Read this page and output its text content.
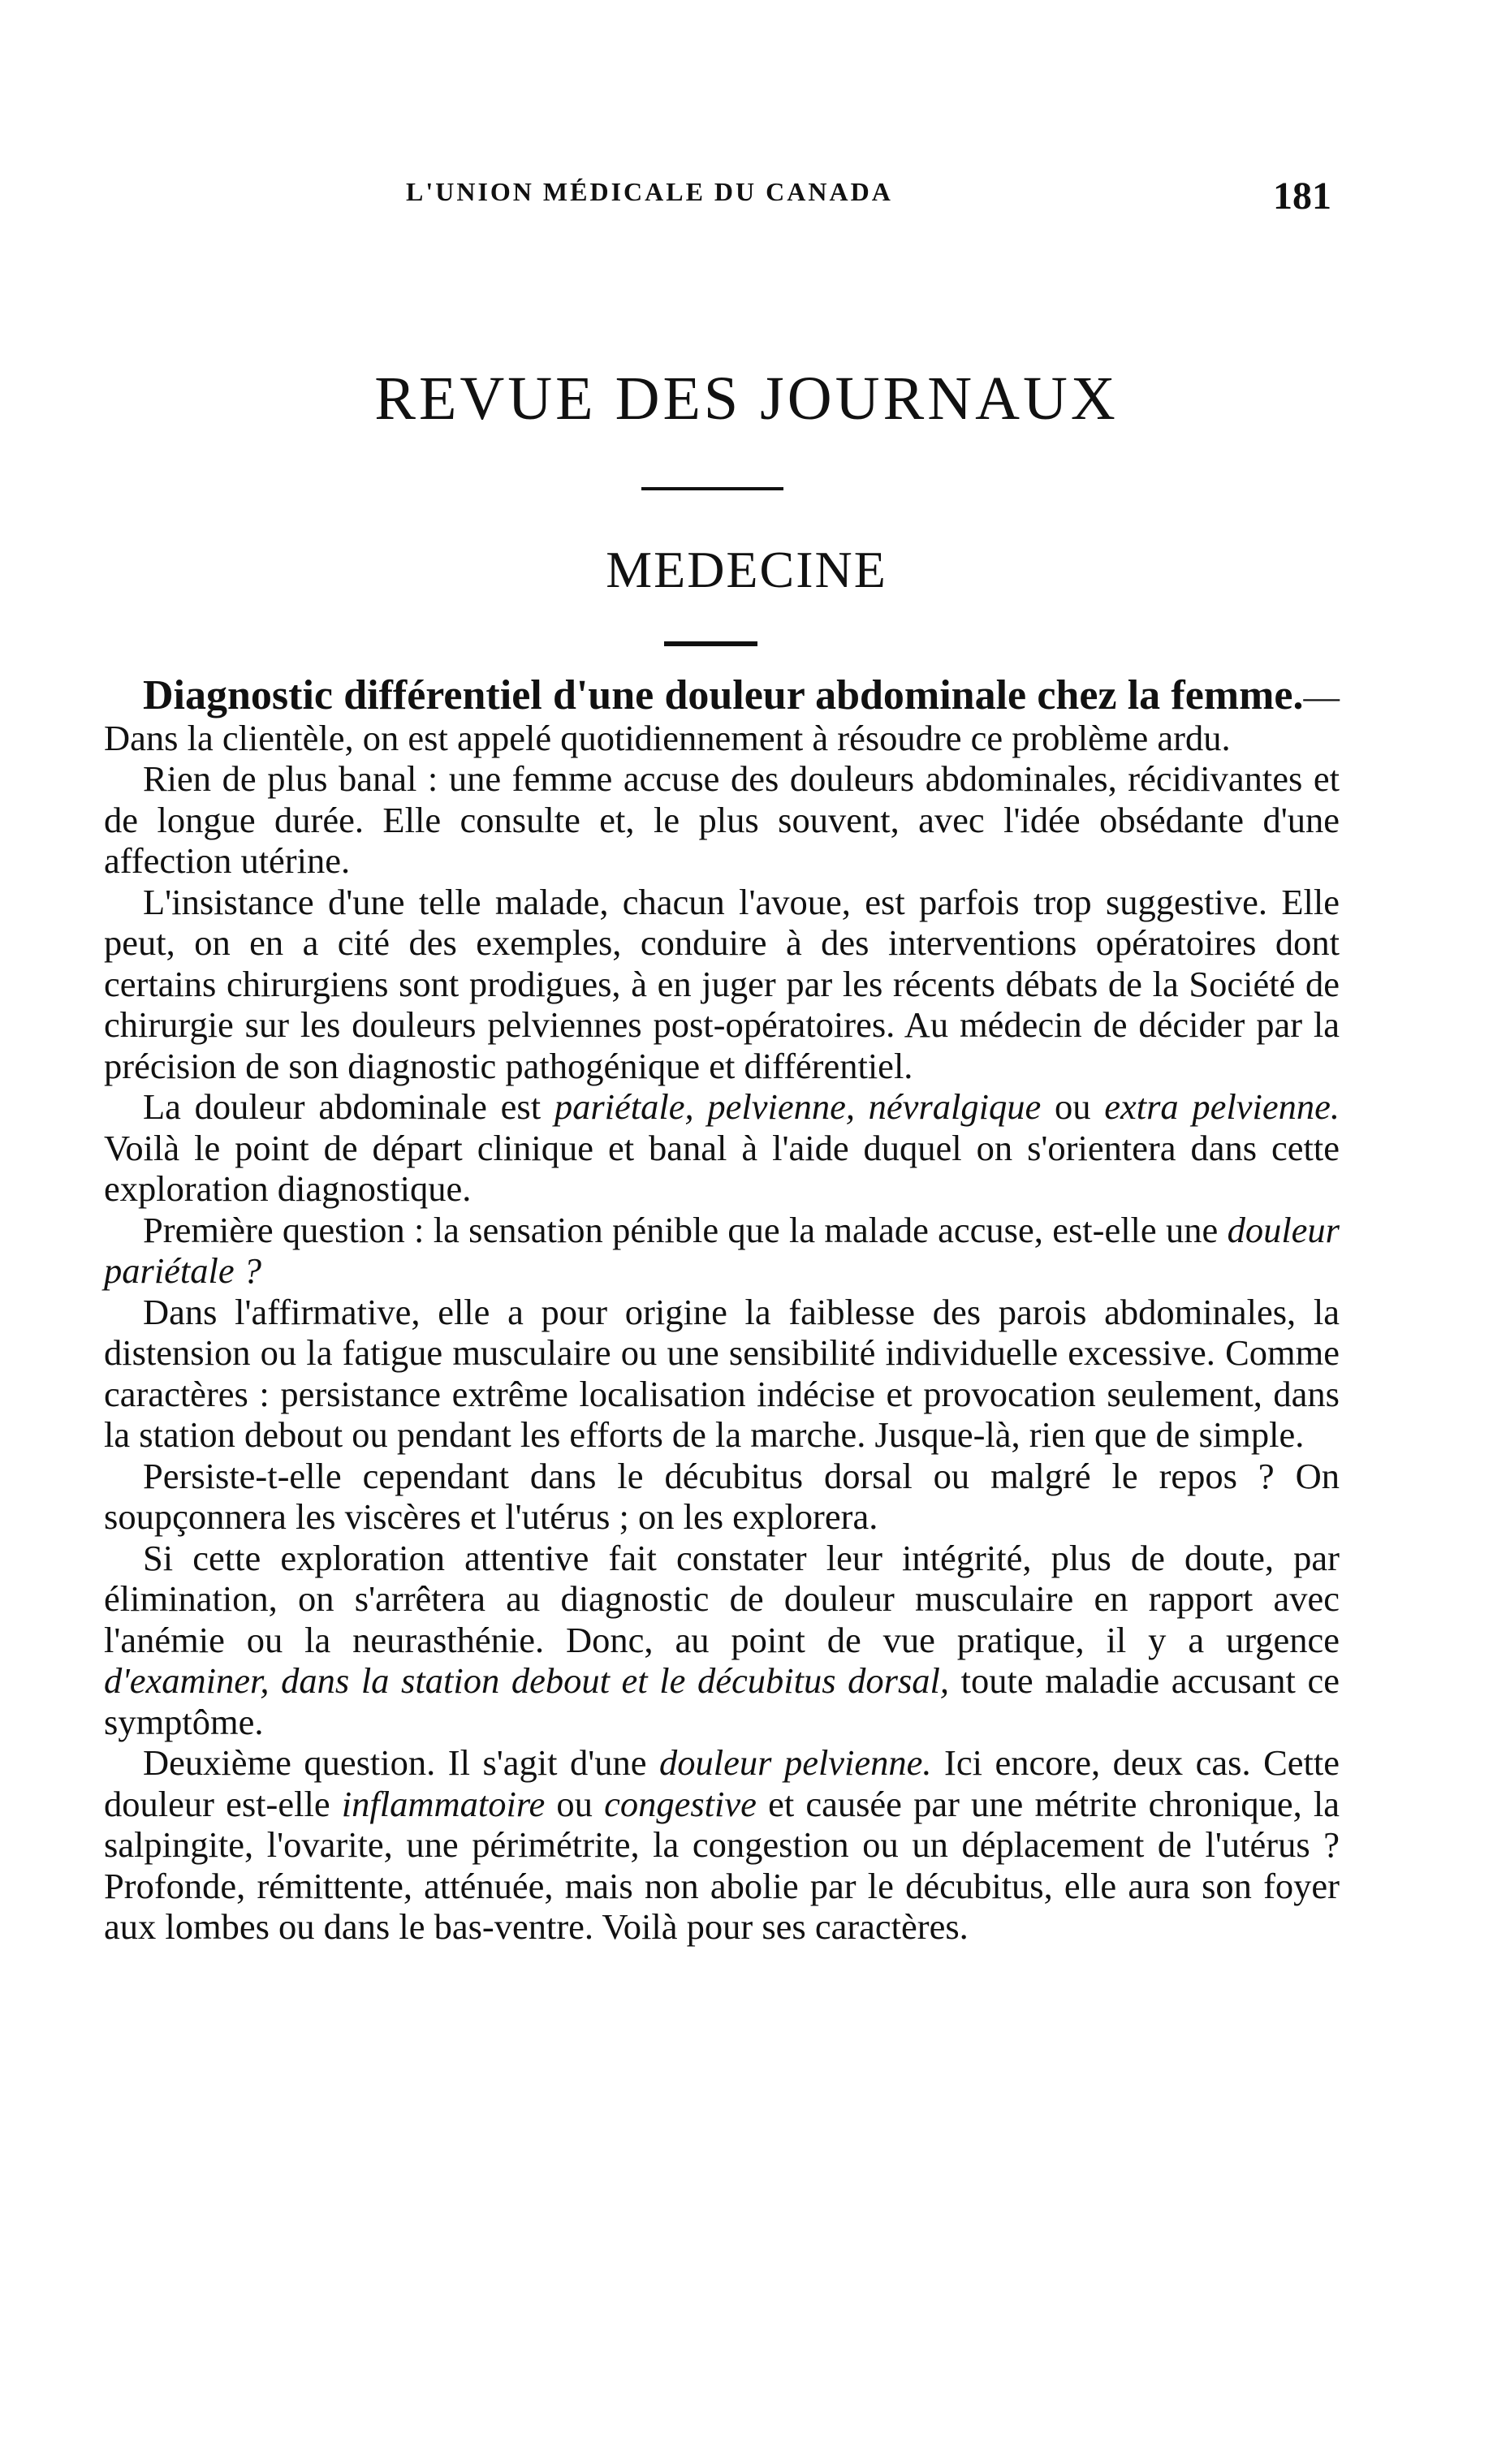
L'UNION MÉDICALE DU CANADA	181
REVUE DES JOURNAUX
MEDECINE

Diagnostic différentiel d'une douleur abdominale chez la femme.—Dans la clientèle, on est appelé quotidiennement à résoudre ce problème ardu.

Rien de plus banal : une femme accuse des douleurs abdominales, récidivantes et de longue durée. Elle consulte et, le plus souvent, avec l'idée obsédante d'une affection utérine.

L'insistance d'une telle malade, chacun l'avoue, est parfois trop suggestive. Elle peut, on en a cité des exemples, conduire à des interventions opératoires dont certains chirurgiens sont prodigues, à en juger par les récents débats de la Société de chirurgie sur les douleurs pelviennes post-opératoires. Au médecin de décider par la précision de son diagnostic pathogénique et différentiel.

La douleur abdominale est pariétale, pelvienne, névralgique ou extra pelvienne. Voilà le point de départ clinique et banal à l'aide duquel on s'orientera dans cette exploration diagnostique.

Première question : la sensation pénible que la malade accuse, est-elle une douleur pariétale ?

Dans l'affirmative, elle a pour origine la faiblesse des parois abdominales, la distension ou la fatigue musculaire ou une sensibilité individuelle excessive. Comme caractères : persistance extrême localisation indécise et provocation seulement, dans la station debout ou pendant les efforts de la marche. Jusque-là, rien que de simple.

Persiste-t-elle cependant dans le décubitus dorsal ou malgré le repos ? On soupçonnera les viscères et l'utérus ; on les explorera.

Si cette exploration attentive fait constater leur intégrité, plus de doute, par élimination, on s'arrêtera au diagnostic de douleur musculaire en rapport avec l'anémie ou la neurasthénie. Donc, au point de vue pratique, il y a urgence d'examiner, dans la station debout et le décubitus dorsal, toute maladie accusant ce symptôme.

Deuxième question. Il s'agit d'une douleur pelvienne. Ici encore, deux cas. Cette douleur est-elle inflammatoire ou congestive et causée par une métrite chronique, la salpingite, l'ovarite, une périmétrite, la congestion ou un déplacement de l'utérus ? Profonde, rémittente, atténuée, mais non abolie par le décubitus, elle aura son foyer aux lombes ou dans le bas-ventre. Voilà pour ses caractères.
